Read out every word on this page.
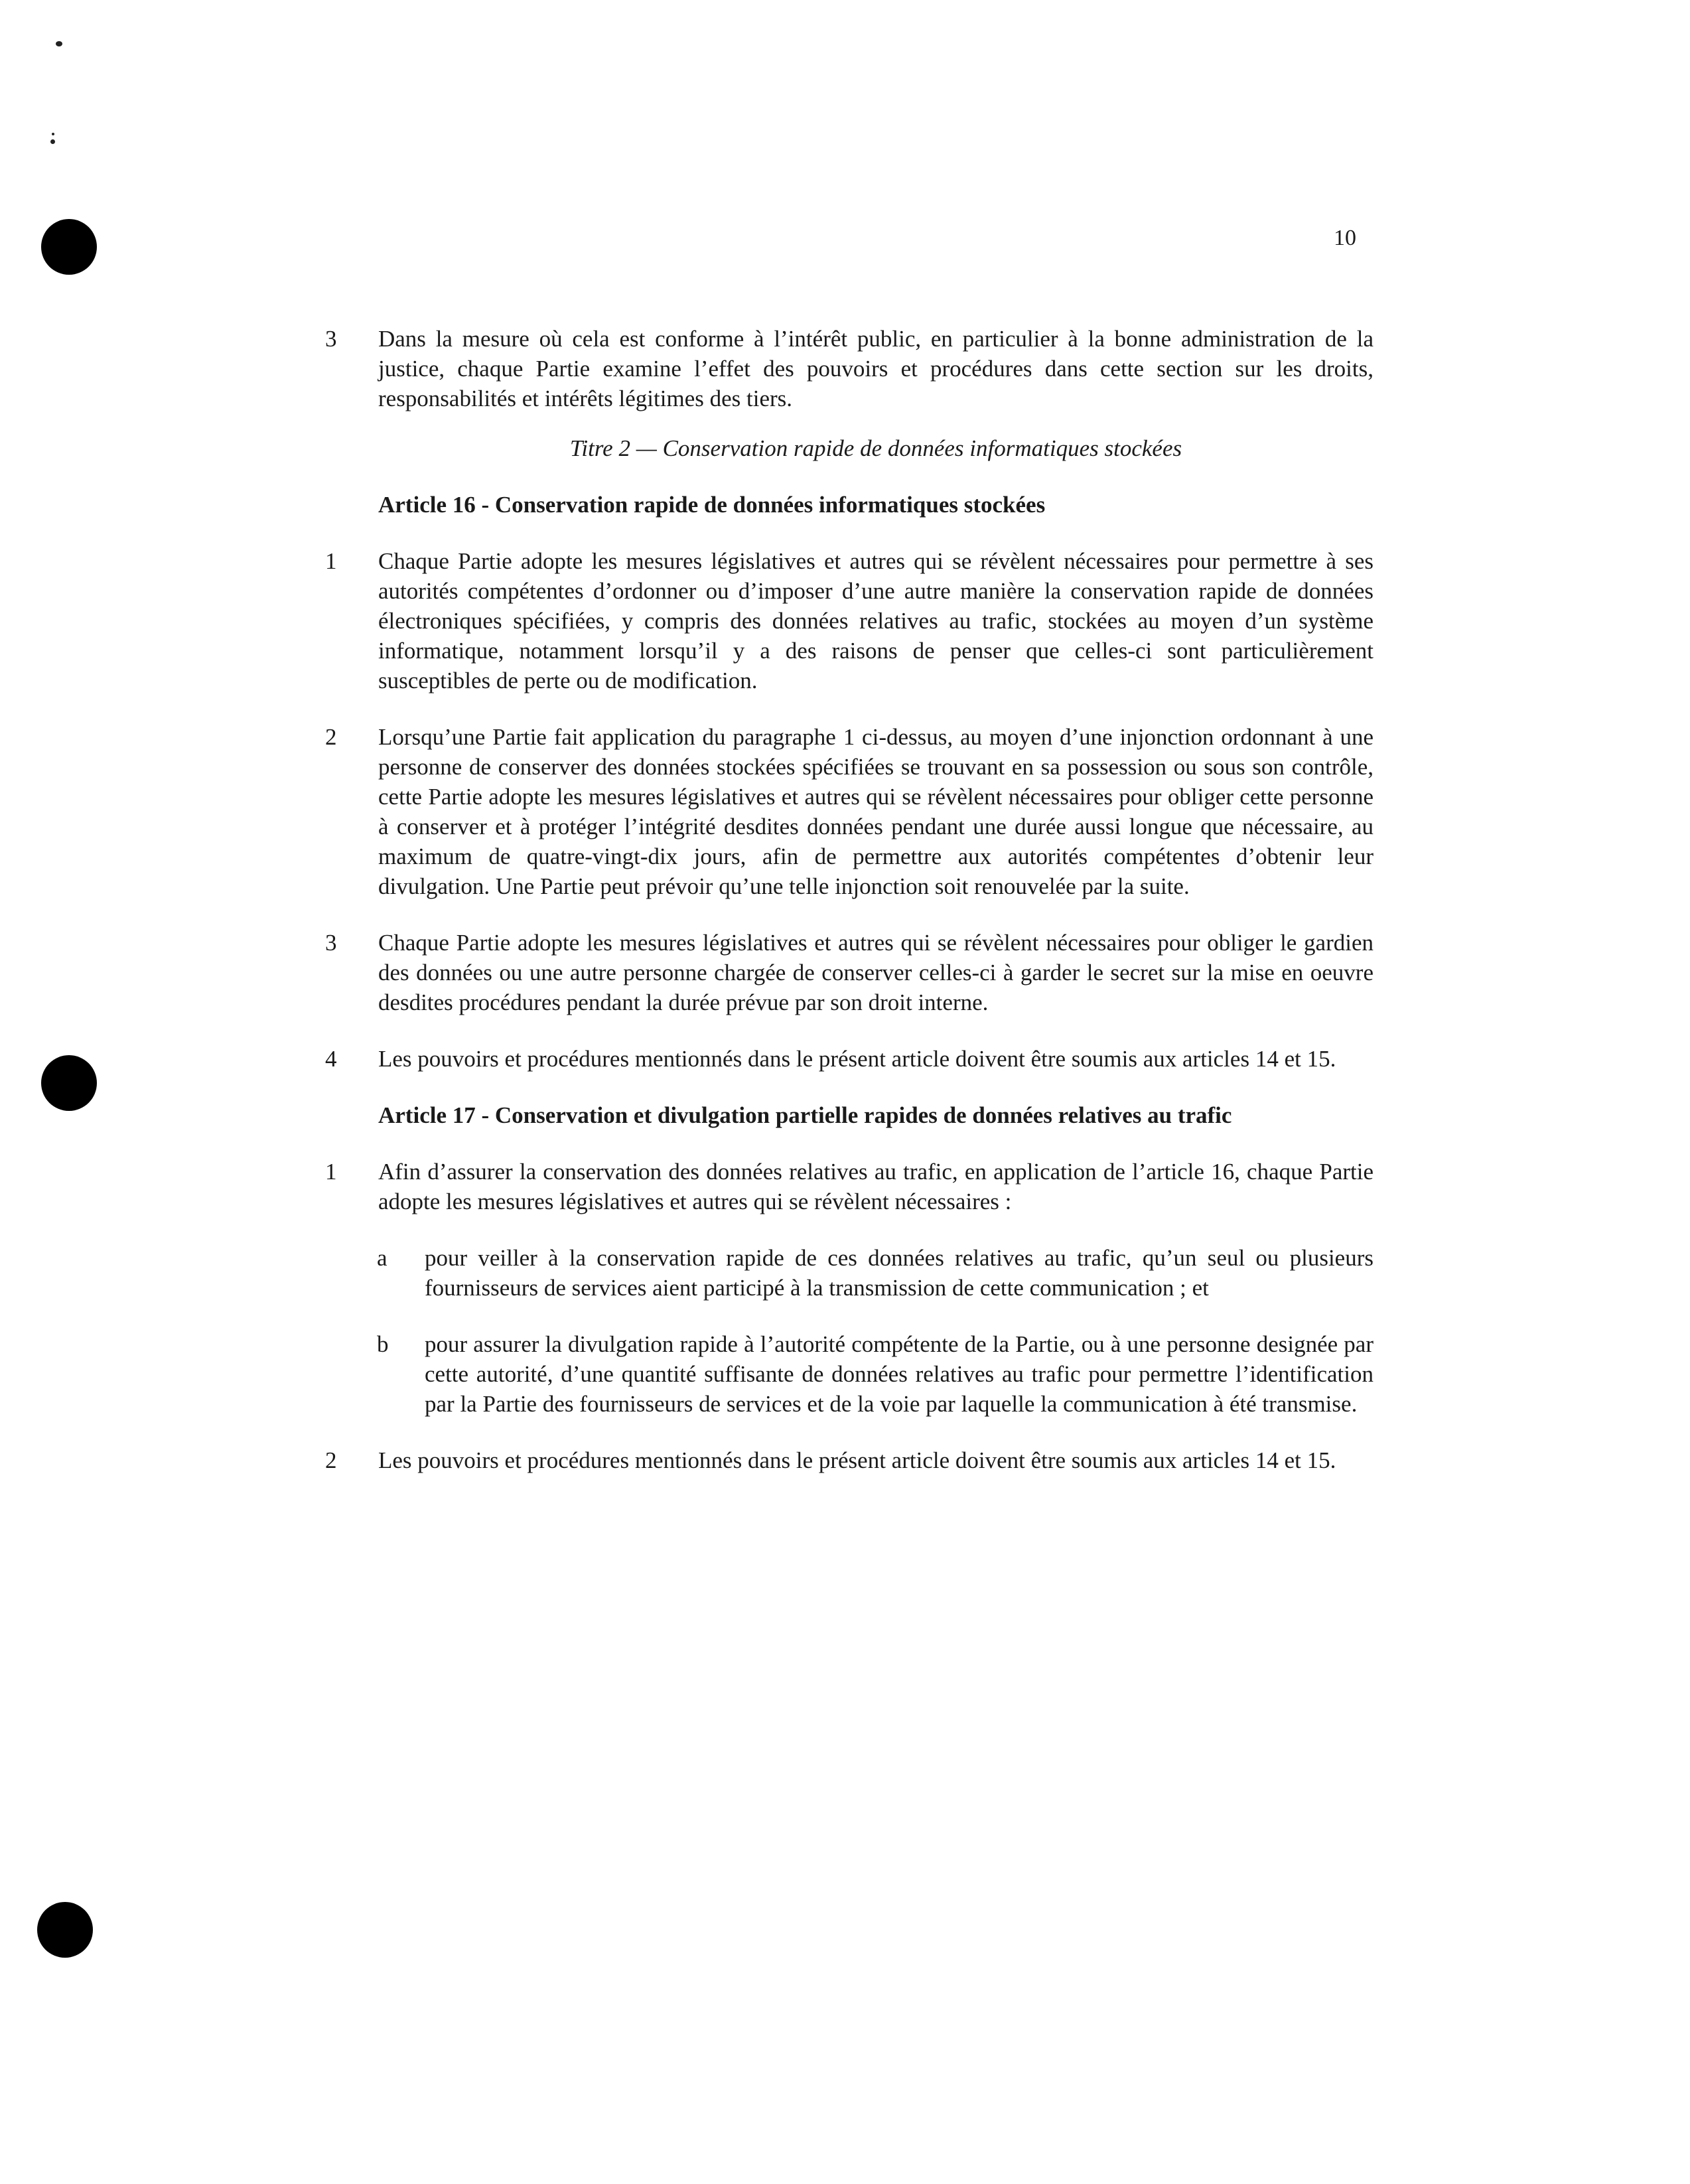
10
3 Dans la mesure où cela est conforme à l’intérêt public, en particulier à la bonne administration de la justice, chaque Partie examine l’effet des pouvoirs et procédures dans cette section sur les droits, responsabilités et intérêts légitimes des tiers.
Titre 2 — Conservation rapide de données informatiques stockées
Article 16 - Conservation rapide de données informatiques stockées
1 Chaque Partie adopte les mesures législatives et autres qui se révèlent nécessaires pour permettre à ses autorités compétentes d’ordonner ou d’imposer d’une autre manière la conservation rapide de données électroniques spécifiées, y compris des données relatives au trafic, stockées au moyen d’un système informatique, notamment lorsqu’il y a des raisons de penser que celles-ci sont particulièrement susceptibles de perte ou de modification.
2 Lorsqu’une Partie fait application du paragraphe 1 ci-dessus, au moyen d’une injonction ordonnant à une personne de conserver des données stockées spécifiées se trouvant en sa possession ou sous son contrôle, cette Partie adopte les mesures législatives et autres qui se révèlent nécessaires pour obliger cette personne à conserver et à protéger l’intégrité desdites données pendant une durée aussi longue que nécessaire, au maximum de quatre-vingt-dix jours, afin de permettre aux autorités compétentes d’obtenir leur divulgation. Une Partie peut prévoir qu’une telle injonction soit renouvelée par la suite.
3 Chaque Partie adopte les mesures législatives et autres qui se révèlent nécessaires pour obliger le gardien des données ou une autre personne chargée de conserver celles-ci à garder le secret sur la mise en oeuvre desdites procédures pendant la durée prévue par son droit interne.
4 Les pouvoirs et procédures mentionnés dans le présent article doivent être soumis aux articles 14 et 15.
Article 17 - Conservation et divulgation partielle rapides de données relatives au trafic
1 Afin d’assurer la conservation des données relatives au trafic, en application de l’article 16, chaque Partie adopte les mesures législatives et autres qui se révèlent nécessaires :
a pour veiller à la conservation rapide de ces données relatives au trafic, qu’un seul ou plusieurs fournisseurs de services aient participé à la transmission de cette communication ; et
b pour assurer la divulgation rapide à l’autorité compétente de la Partie, ou à une personne designée par cette autorité, d’une quantité suffisante de données relatives au trafic pour permettre l’identification par la Partie des fournisseurs de services et de la voie par laquelle la communication à été transmise.
2 Les pouvoirs et procédures mentionnés dans le présent article doivent être soumis aux articles 14 et 15.
